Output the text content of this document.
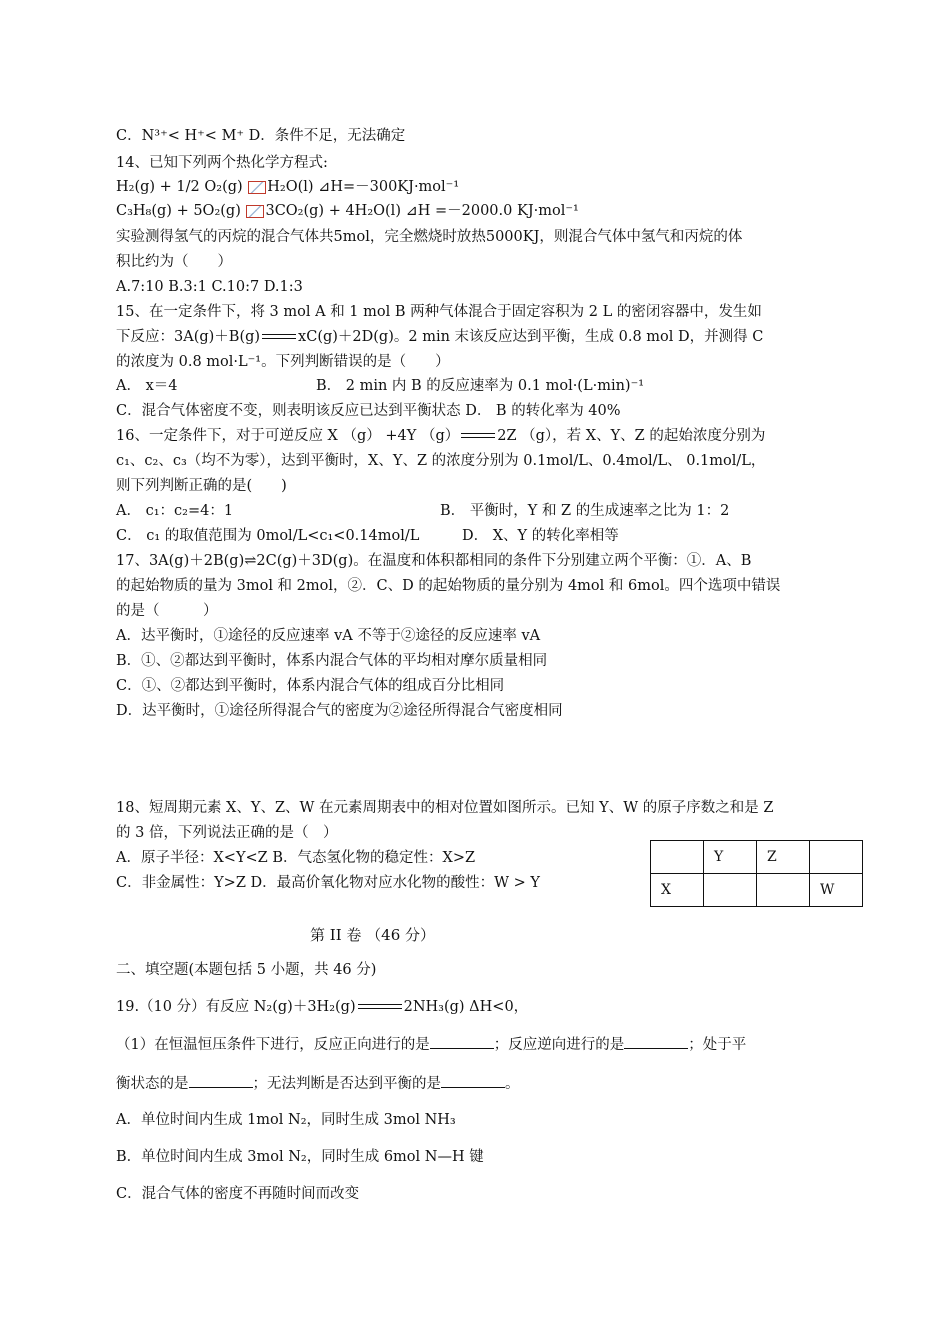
C．N³⁺< H⁺< M⁺ D．条件不足，无法确定
14、已知下列两个热化学方程式:
H₂(g) + 1/2 O₂(g) H₂O(l) ⊿H=－300KJ·mol⁻¹
C₃H₈(g) + 5O₂(g) 3CO₂(g) + 4H₂O(l) ⊿H =－2000.0 KJ·mol⁻¹
实验测得氢气的丙烷的混合气体共5mol，完全燃烧时放热5000KJ，则混合气体中氢气和丙烷的体
积比约为（　　）
A.7:10 B.3:1 C.10:7 D.1:3
15、在一定条件下，将 3 mol A 和 1 mol B 两种气体混合于固定容积为 2 L 的密闭容器中，发生如
下反应：3A(g)＋B(g)	xC(g)＋2D(g)。2 min 末该反应达到平衡，生成 0.8 mol D，并测得 C
的浓度为 0.8 mol·L⁻¹。下列判断错误的是（　　）
A． x＝4	B． 2 min 内 B 的反应速率为 0.1 mol·(L·min)⁻¹
C．混合气体密度不变，则表明该反应已达到平衡状态 D． B 的转化率为 40%
16、一定条件下，对于可逆反应 X （g） +4Y （g）	2Z （g），若 X、Y、Z 的起始浓度分别为
c₁、c₂、c₃（均不为零），达到平衡时，X、Y、Z 的浓度分别为 0.1mol/L、0.4mol/L、 0.1mol/L，
则下列判断正确的是(　　)
A． c₁：c₂=4：1	B． 平衡时，Y 和 Z 的生成速率之比为 1：2
C． c₁ 的取值范围为 0mol/L<c₁<0.14mol/L	D． X、Y 的转化率相等
17、3A(g)＋2B(g)⇌2C(g)＋3D(g)。在温度和体积都相同的条件下分别建立两个平衡：①．A、B
的起始物质的量为 3mol 和 2mol，②．C、D 的起始物质的量分别为 4mol 和 6mol。四个选项中错误
的是（　　　）
A．达平衡时，①途径的反应速率 vA 不等于②途径的反应速率 vA
B．①、②都达到平衡时，体系内混合气体的平均相对摩尔质量相同
C．①、②都达到平衡时，体系内混合气体的组成百分比相同
D．达平衡时，①途径所得混合气的密度为②途径所得混合气密度相同
18、短周期元素 X、Y、Z、W 在元素周期表中的相对位置如图所示。已知 Y、W 的原子序数之和是 Z
的 3 倍，下列说法正确的是（　）
A．原子半径：X<Y<Z B．气态氢化物的稳定性：X>Z
C．非金属性：Y>Z D．最高价氧化物对应水化物的酸性：W > Y
	Y	Z	
X			W
第 II 卷 （46 分）
二、填空题(本题包括 5 小题，共 46 分)
19.（10 分）有反应 N₂(g)＋3H₂(g)	2NH₃(g) ΔH<0，
（1）在恒温恒压条件下进行，反应正向进行的是	；反应逆向进行的是	；处于平
衡状态的是	；无法判断是否达到平衡的是	。
A．单位时间内生成 1mol N₂，同时生成 3mol NH₃
B．单位时间内生成 3mol N₂，同时生成 6mol N—H 键
C．混合气体的密度不再随时间而改变
